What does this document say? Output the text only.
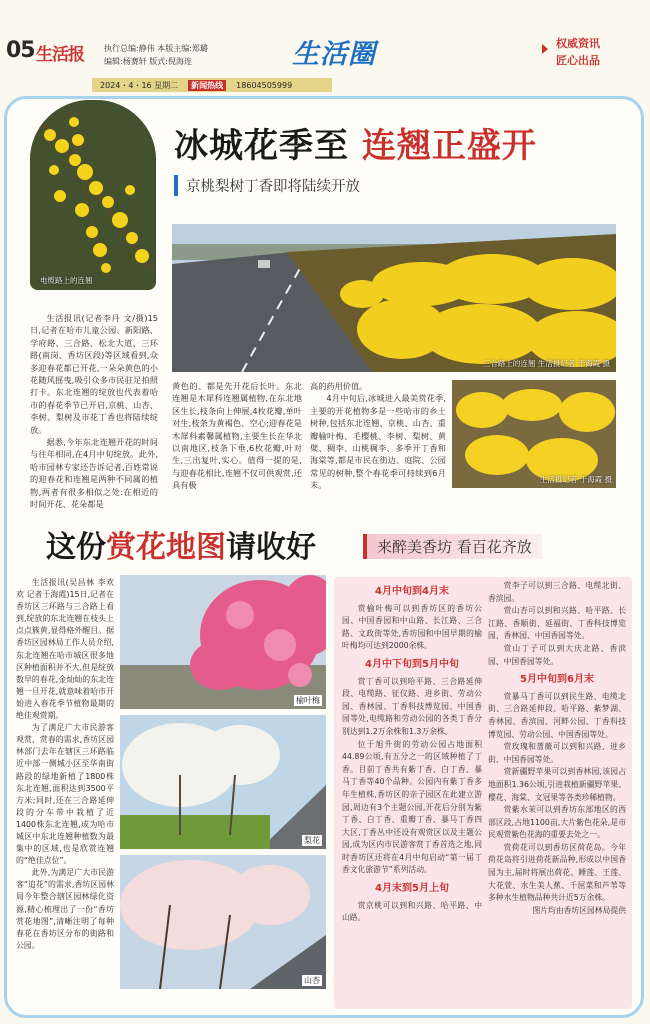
05 生活报	执行总编:静伟 本版主编:郑璐
编辑:杨赛轩 版式:倪海连	生活圈	权威资讯
匠心出品
2024・4・16 星期二	新闻热线	18604505999
电缆路上的连翘
冰城花季至 连翘正盛开
京桃梨树丁香即将陆续开放
三合路上的连翘 生活报记者 于海霞 摄
生活报记者 于海霞 摄

生活报讯(记者李丹 文/摄)15日,记者在哈市儿童公园、新阳路、学府路、三合路、松北大道、三环路(南岗、香坊区段)等区域看到,众多迎春花都已开花,一朵朵黄色的小花随风摇曳,吸引众多市民驻足拍照打卡。东北连翘的绽放也代表着哈市的春花季节已开启,京桃、山杏、李树、梨树及市花丁香也将陆续绽放。

据悉,今年东北连翘开花的时间与往年相同,在4月中旬绽放。此外,哈市园林专家还告诉记者,百姓常说的迎春花和连翘是两种不同属的植物,两者有很多相似之处:在相近的时间开花、花朵都是

黄色的、都是先开花后长叶。东北连翘是木犀科连翘属植物,在东北地区生长,枝条向上伸展,4枚花瓣,单叶对生,枝条为黄褐色、空心;迎春花是木犀科素馨属植物,主要生长在华北以南地区,枝条下垂,6枚花瓣,叶对生,三出复叶,实心。值得一提的是,与迎春花相比,连翘不仅可供观赏,还具有极

高的药用价值。

4月中旬后,冰城进入最美赏花季,主要的开花植物多是一些哈市的乡土树种,包括东北连翘、京桃、山杏、重瓣榆叶梅、毛樱桃、李树、梨树、黄檗、稠李、山桃稠李、多季开丁香和海棠等,都是市民在街边、庭院、公园常见的树种,整个春花季可持续到6月末。

这份赏花地图请收好	来醉美香坊 看百花齐放

生活报讯(吴昌林 李欢欢 记者于海霞)15日,记者在香坊区三环路与三合路上看到,绽放的东北连翘在枝头上点点簇黄,显得格外醒目。据香坊区园林局工作人员介绍,东北连翘在哈市城区很多地区种植面积并不大,但是绽放数早的春花,金灿灿的东北连翘一旦开花,就意味着哈市开始进入春花季节植物最期的绝佳观赏期。

为了满足广大市民游客观赏、赏春的需求,香坊区园林部门去年在辖区三环路临近中部一侧城小区至华南街路段的绿地新植了1800株东北连翘,面积达到3500平方米;同时,还在三合路延伸段的分车带中栽植了近1400株东北连翘,成为哈市城区中东北连翘种植数为最集中的区域,也是欣赏连翘的“绝佳点位”。

此外,为满足广大市民游客“追花”的需求,香坊区园林局今年整合辖区园林绿化资源,精心梳理出了一份“香坊赏花地图”,清晰注明了每种春花在香坊区分布的街路和公园。

榆叶梅
梨花
山杏
4月中旬到4月末

赏榆叶梅可以到香坊区的香坊公园、中国香园和中山路、长江路、三合路、文政街等处,香坊园和中国早期的榆叶梅均可达到2000余株。

4月中下旬到5月中旬

赏丁香可以到哈平路、三合路延伸段、电缆路、征仪路、进乡街、劳动公园、香林园、丁香科技博览园、中国香园等处,电缆路和劳动公园的各类丁香分别达到1.2万余株和1.3万余株。

位于旭升街的劳动公园占地面积44.89公顷,有五分之一的区域种植了丁香。目前丁香共有紫丁香、白丁香、暴马丁香等40个品种。公园内有紫丁香多年生植株,香坊区的亲子园区在此建立游园,周边有3个主题公园,开花后分别为紫丁香、白丁香、重瓣丁香、暴马丁香四大区,丁香丛中还设有观赏区以及主题公园,成为区内市民游客赏丁香首选之地,同时香坊区还将在4月中旬启动“第一届丁香文化旅游节”系列活动。

4月末到5月上旬

赏京桃可以到和兴路、哈平路、中山路。

赏李子可以到三合路、电缆北街、香滨园。

赏山杏可以到和兴路、哈平路、长江路、香顺街、延福街、丁香科技博览园、香林园、中国香园等处。

赏山丁子可以到大庆北路、香滨园、中国香园等处。

5月中旬到6月末

赏暴马丁香可以到民生路、电缆北街、三合路延伸段、哈平路、紫梦湖、香林园、香滨园、河畔公园、丁香科技博览园、劳动公园、中国香园等处。

赏玫瑰和蔷薇可以到和兴路、进乡街、中国香园等处。

赏新疆野苹果可以到香林园,该园占地面积1.36公顷,引进栽植新疆野苹果、樱花、海棠、文冠果等各类珍稀植物。

赏紫水茉可以到香坊东部地区的西部区段,占地1100亩,大片紫色花朵,是市民观赏紫色花海的重要去处之一。

赏荷花可以到香坊区荷花岛。今年荷花岛将引进荷花新品种,形成以中国香园为主,届时将展出荷花、睡莲、王莲、大花萱、水生美人蕉、千屈菜和芦苇等多种水生植物品种共计近5万余株。

图片均由香坊区园林局提供
